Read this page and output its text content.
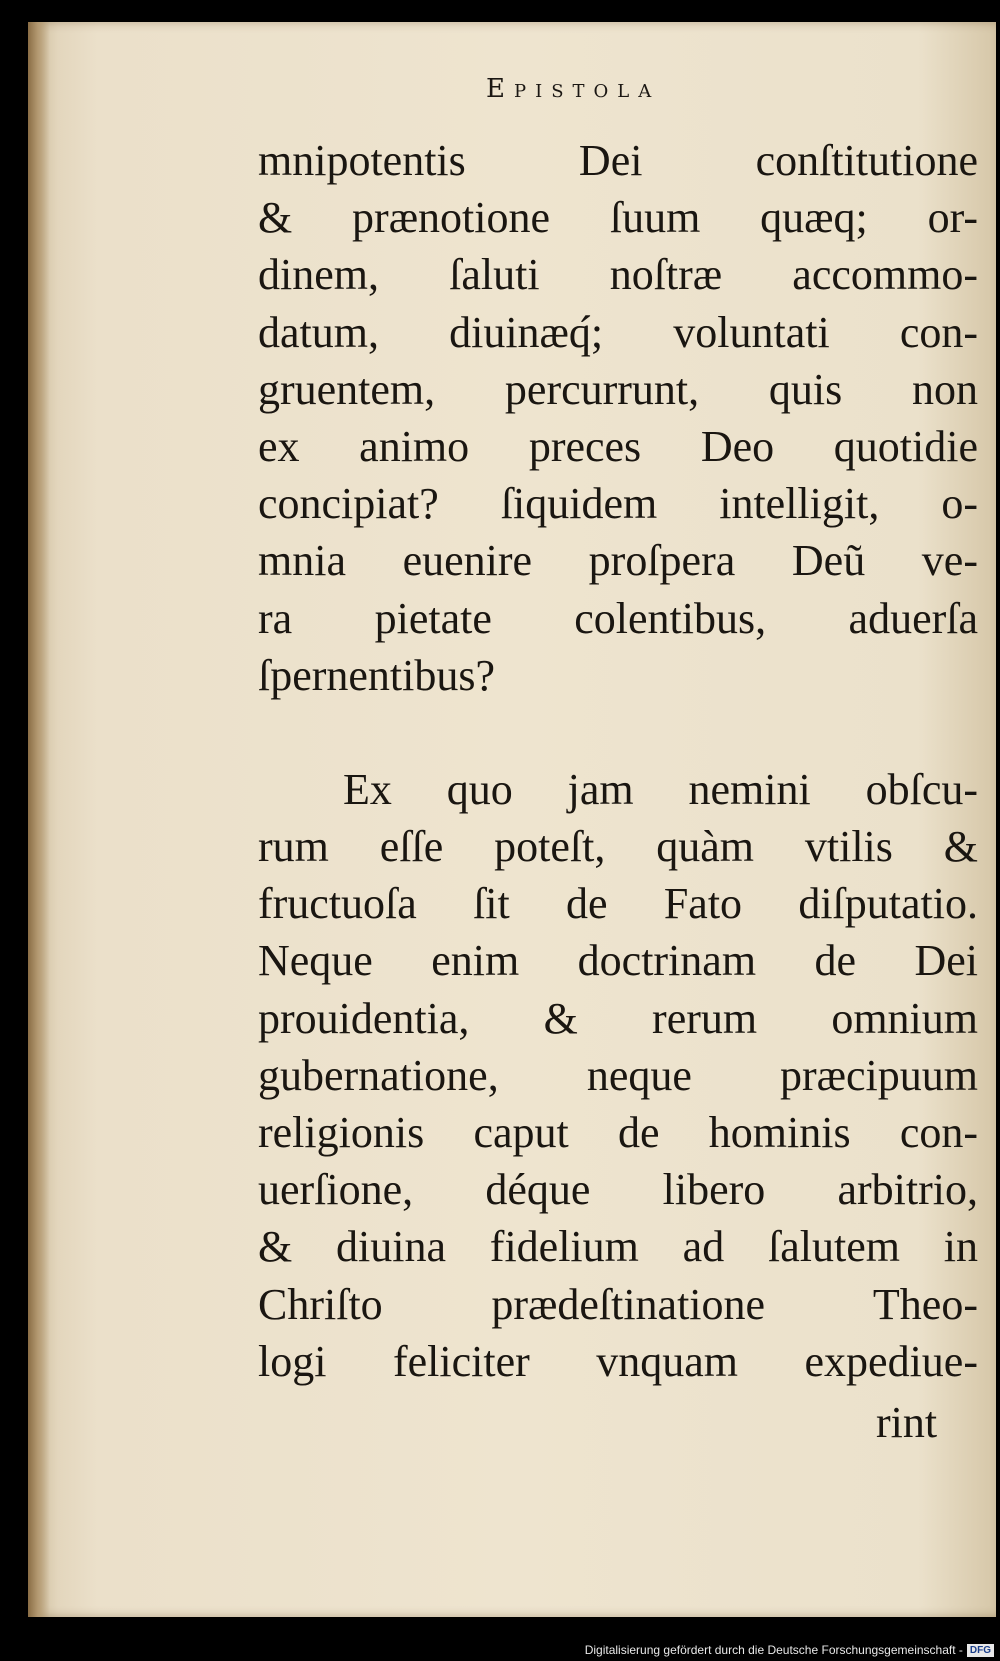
Epistola
mnipotentis Dei conſtitutione
& prænotione ſuum quæq; or-
dinem, ſaluti noſtræ accommo-
datum, diuinæq́; voluntati con-
gruentem, percurrunt, quis non
ex animo preces Deo quotidie
concipiat? ſiquidem intelligit, o-
mnia euenire proſpera Deũ ve-
ra pietate colentibus, aduerſa
ſpernentibus?
Ex quo jam nemini obſcu-
rum eſſe poteſt, quàm vtilis &
fructuoſa ſit de Fato diſputatio.
Neque enim doctrinam de Dei
prouidentia, & rerum omnium
gubernatione, neque præcipuum
religionis caput de hominis con-
uerſione, déque libero arbitrio,
& diuina fidelium ad ſalutem in
Chriſto prædeſtinatione Theo-
logi feliciter vnquam expediue-
rint
Digitalisierung gefördert durch die Deutsche Forschungsgemeinschaft - DFG
